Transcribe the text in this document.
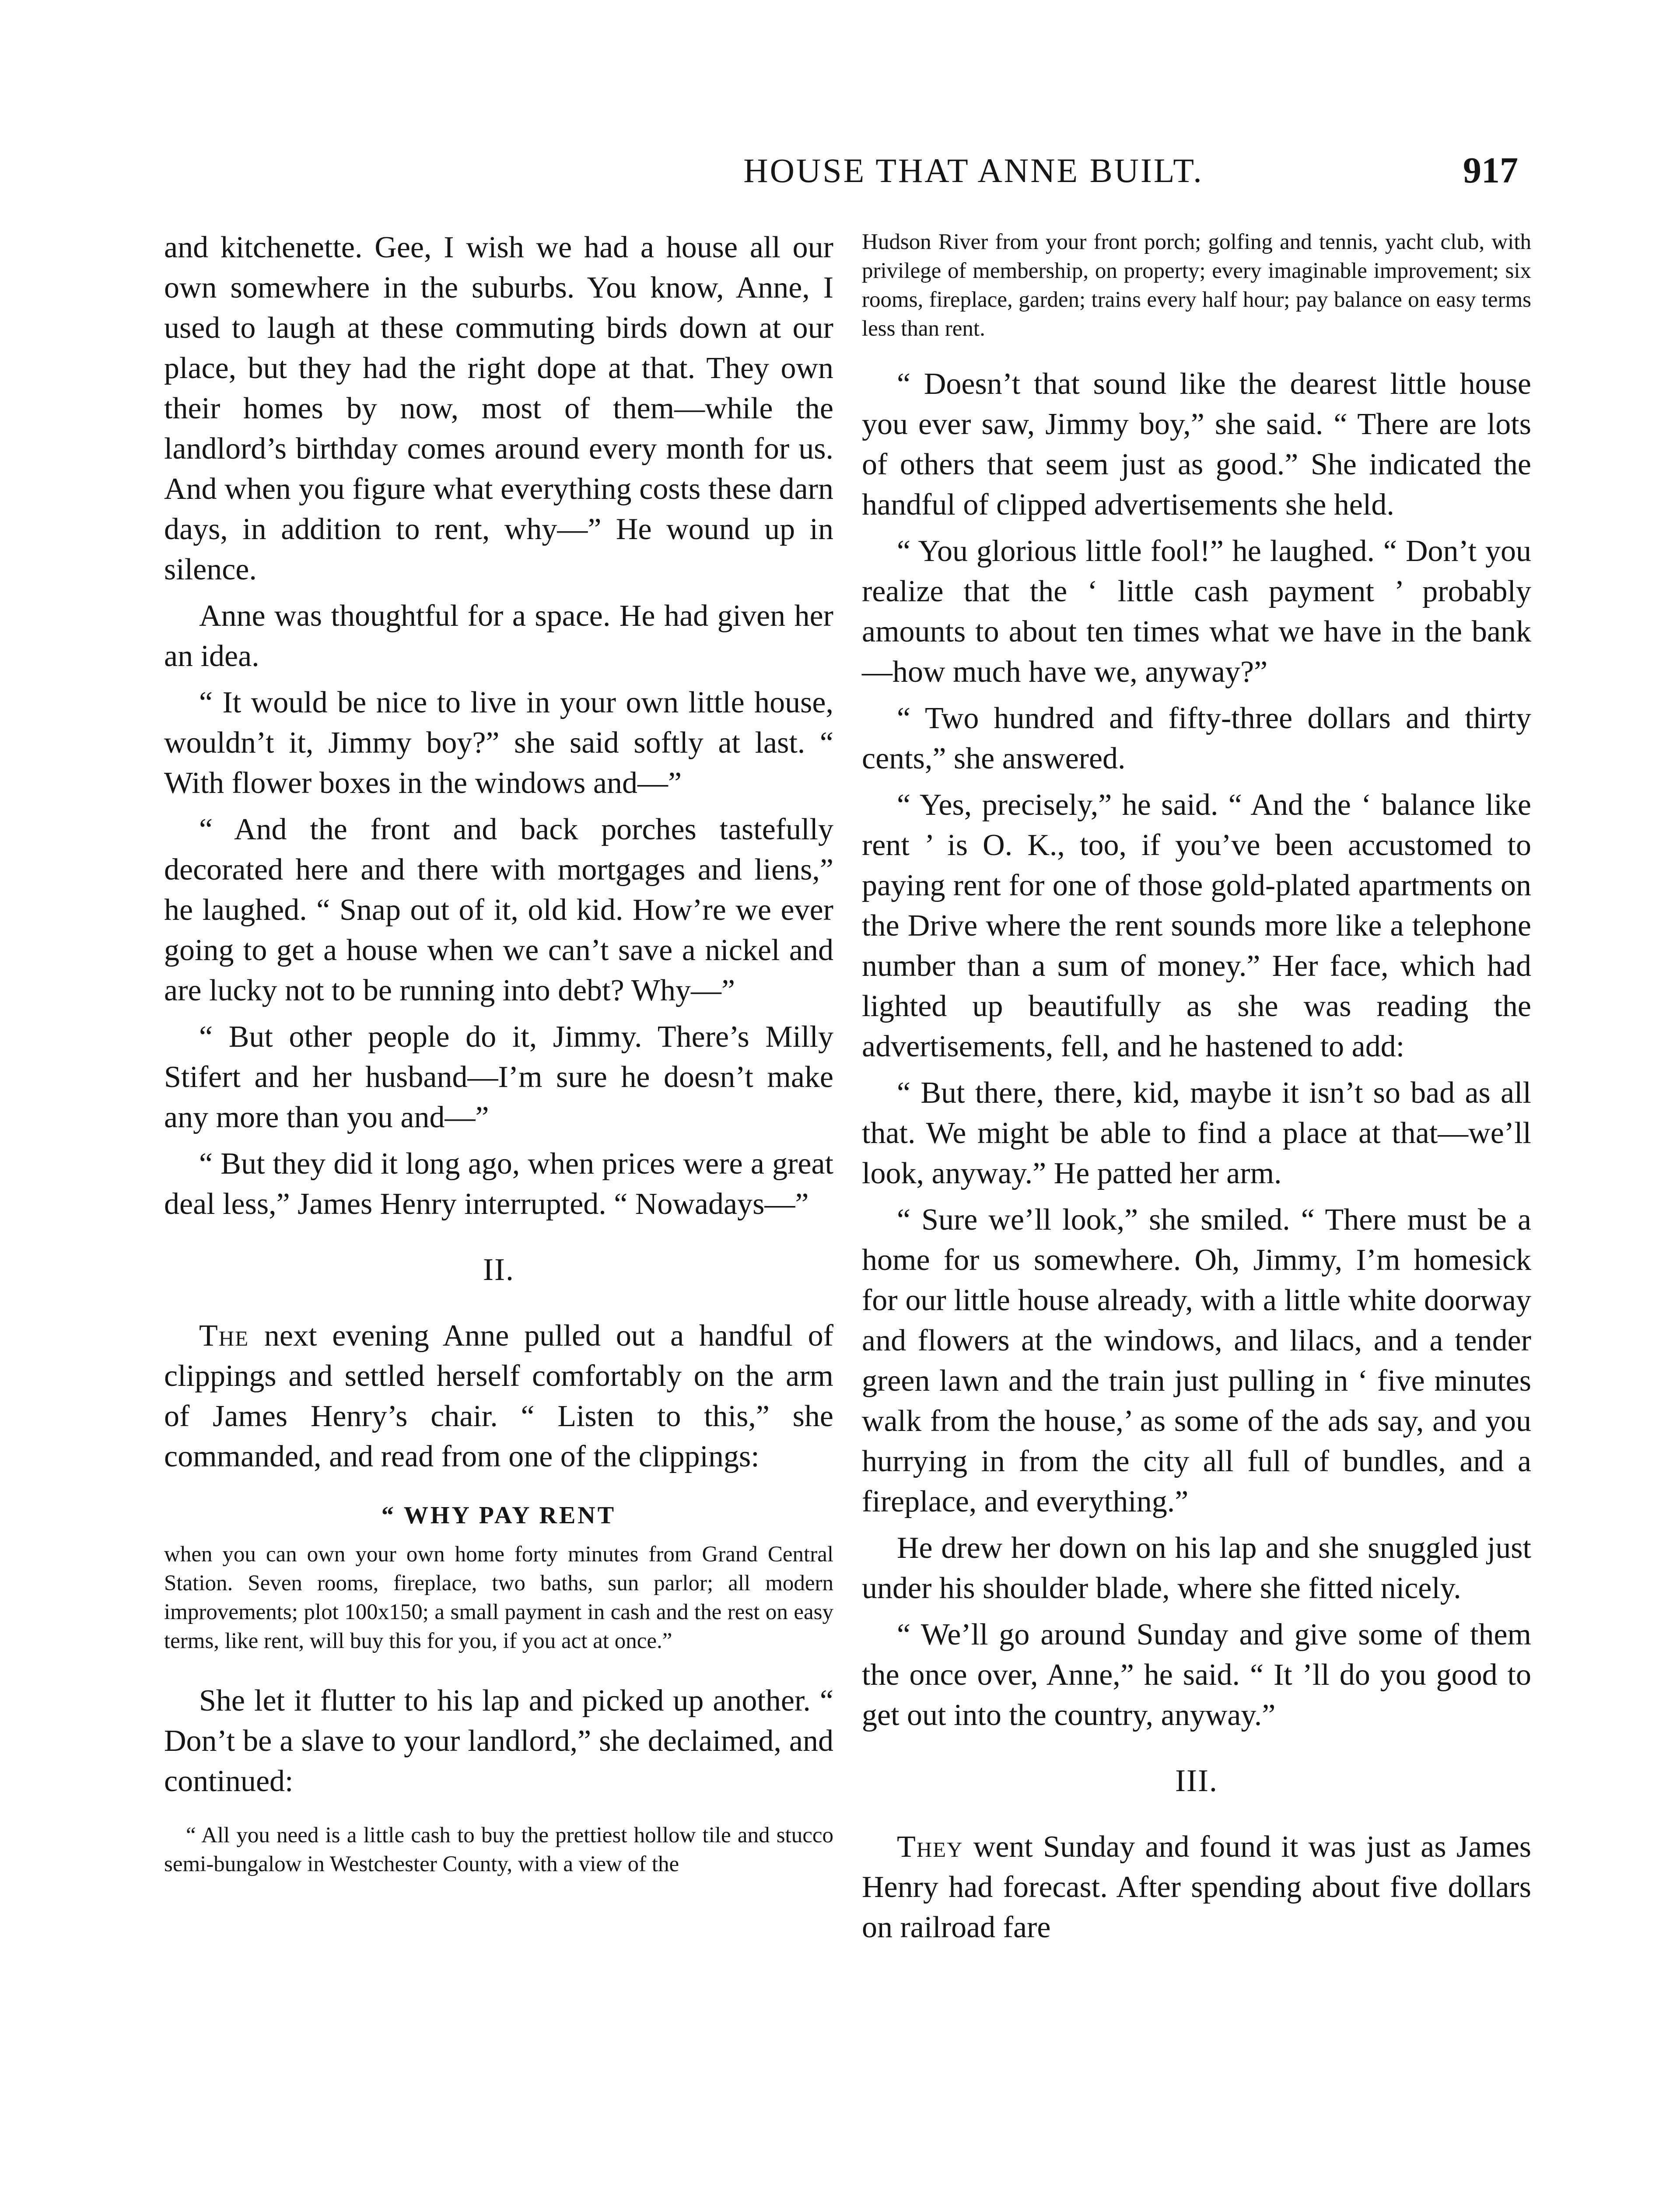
HOUSE THAT ANNE BUILT.	917

and kitchenette. Gee, I wish we had a house all our own somewhere in the suburbs. You know, Anne, I used to laugh at these commuting birds down at our place, but they had the right dope at that. They own their homes by now, most of them—while the landlord’s birthday comes around every month for us. And when you figure what everything costs these darn days, in addition to rent, why—” He wound up in silence.

Anne was thoughtful for a space. He had given her an idea.

“ It would be nice to live in your own little house, wouldn’t it, Jimmy boy?” she said softly at last. “ With flower boxes in the windows and—”

“ And the front and back porches tastefully decorated here and there with mortgages and liens,” he laughed. “ Snap out of it, old kid. How’re we ever going to get a house when we can’t save a nickel and are lucky not to be running into debt? Why—”

“ But other people do it, Jimmy. There’s Milly Stifert and her husband—I’m sure he doesn’t make any more than you and—”

“ But they did it long ago, when prices were a great deal less,” James Henry interrupted. “ Nowadays—”

II.

The next evening Anne pulled out a handful of clippings and settled herself comfortably on the arm of James Henry’s chair. “ Listen to this,” she commanded, and read from one of the clippings:

“ WHY PAY RENT
when you can own your own home forty minutes from Grand Central Station. Seven rooms, fireplace, two baths, sun parlor; all modern improvements; plot 100x150; a small payment in cash and the rest on easy terms, like rent, will buy this for you, if you act at once.”

She let it flutter to his lap and picked up another. “ Don’t be a slave to your landlord,” she declaimed, and continued:

“ All you need is a little cash to buy the prettiest hollow tile and stucco semi-bungalow in Westchester County, with a view of the
Hudson River from your front porch; golfing and tennis, yacht club, with privilege of membership, on property; every imaginable improvement; six rooms, fireplace, garden; trains every half hour; pay balance on easy terms less than rent.

“ Doesn’t that sound like the dearest little house you ever saw, Jimmy boy,” she said. “ There are lots of others that seem just as good.” She indicated the handful of clipped advertisements she held.

“ You glorious little fool!” he laughed. “ Don’t you realize that the ‘ little cash payment ’ probably amounts to about ten times what we have in the bank—how much have we, anyway?”

“ Two hundred and fifty-three dollars and thirty cents,” she answered.

“ Yes, precisely,” he said. “ And the ‘ balance like rent ’ is O. K., too, if you’ve been accustomed to paying rent for one of those gold-plated apartments on the Drive where the rent sounds more like a telephone number than a sum of money.” Her face, which had lighted up beautifully as she was reading the advertisements, fell, and he hastened to add:

“ But there, there, kid, maybe it isn’t so bad as all that. We might be able to find a place at that—we’ll look, anyway.” He patted her arm.

“ Sure we’ll look,” she smiled. “ There must be a home for us somewhere. Oh, Jimmy, I’m homesick for our little house already, with a little white doorway and flowers at the windows, and lilacs, and a tender green lawn and the train just pulling in ‘ five minutes walk from the house,’ as some of the ads say, and you hurrying in from the city all full of bundles, and a fireplace, and everything.”

He drew her down on his lap and she snuggled just under his shoulder blade, where she fitted nicely.

“ We’ll go around Sunday and give some of them the once over, Anne,” he said. “ It ’ll do you good to get out into the country, anyway.”

III.

They went Sunday and found it was just as James Henry had forecast. After spending about five dollars on railroad fare
